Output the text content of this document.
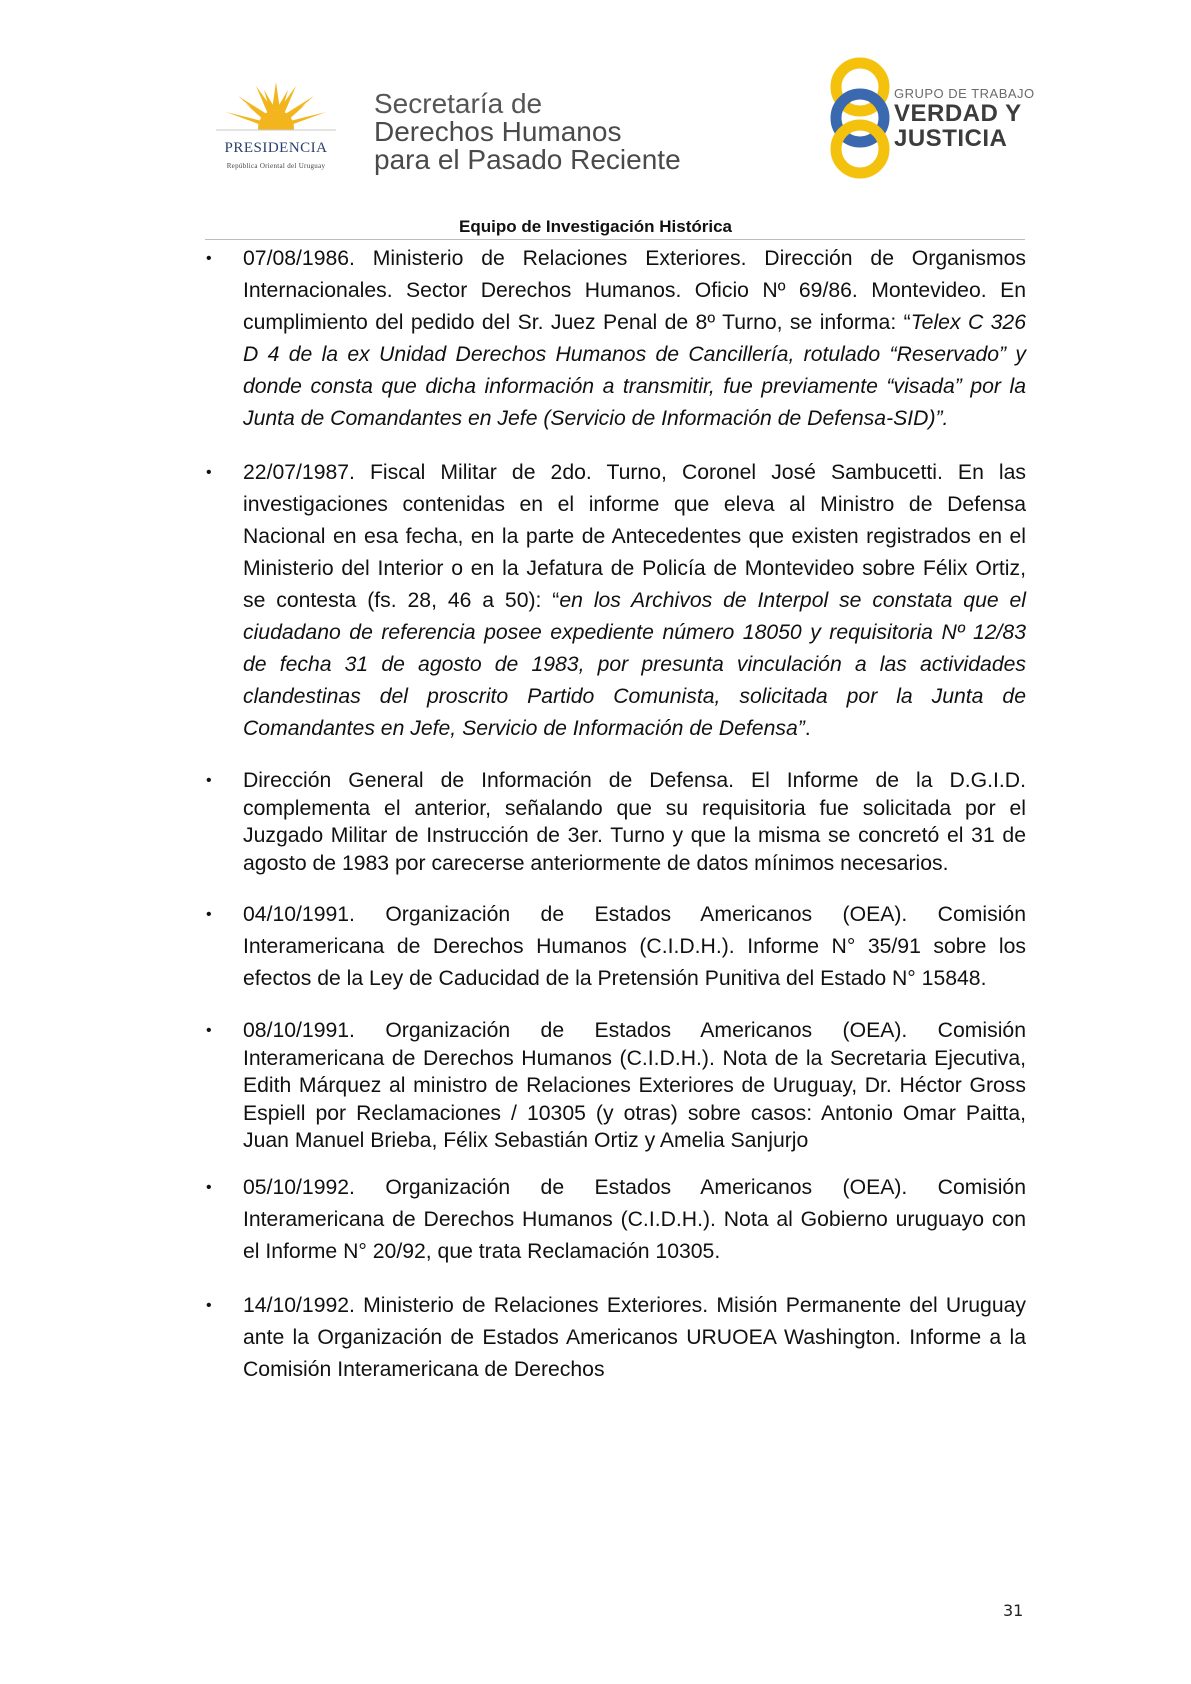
PRESIDENCIA
República Oriental del Uruguay
Secretaría de
Derechos Humanos
para el Pasado Reciente
GRUPO DE TRABAJO
VERDAD Y
JUSTICIA
Equipo de Investigación Histórica
• 07/08/1986. Ministerio de Relaciones Exteriores. Dirección de Organismos Internacionales. Sector Derechos Humanos. Oficio Nº 69/86. Montevideo. En cumplimiento del pedido del Sr. Juez Penal de 8º Turno, se informa: “Telex C 326 D 4 de la ex Unidad Derechos Humanos de Cancillería, rotulado “Reservado” y donde consta que dicha información a transmitir, fue previamente “visada” por la Junta de Comandantes en Jefe (Servicio de Información de Defensa-SID)”.
• 22/07/1987. Fiscal Militar de 2do. Turno, Coronel José Sambucetti. En las investigaciones contenidas en el informe que eleva al Ministro de Defensa Nacional en esa fecha, en la parte de Antecedentes que existen registrados en el Ministerio del Interior o en la Jefatura de Policía de Montevideo sobre Félix Ortiz, se contesta (fs. 28, 46 a 50): “en los Archivos de Interpol se constata que el ciudadano de referencia posee expediente número 18050 y requisitoria Nº 12/83 de fecha 31 de agosto de 1983, por presunta vinculación a las actividades clandestinas del proscrito Partido Comunista, solicitada por la Junta de Comandantes en Jefe, Servicio de Información de Defensa”.
• Dirección General de Información de Defensa. El Informe de la D.G.I.D. complementa el anterior, señalando que su requisitoria fue solicitada por el Juzgado Militar de Instrucción de 3er. Turno y que la misma se concretó el 31 de agosto de 1983 por carecerse anteriormente de datos mínimos necesarios.
• 04/10/1991. Organización de Estados Americanos (OEA). Comisión Interamericana de Derechos Humanos (C.I.D.H.). Informe N° 35/91 sobre los efectos de la Ley de Caducidad de la Pretensión Punitiva del Estado N° 15848.
• 08/10/1991. Organización de Estados Americanos (OEA). Comisión Interamericana de Derechos Humanos (C.I.D.H.). Nota de la Secretaria Ejecutiva, Edith Márquez al ministro de Relaciones Exteriores de Uruguay, Dr. Héctor Gross Espiell por Reclamaciones / 10305 (y otras) sobre casos: Antonio Omar Paitta, Juan Manuel Brieba, Félix Sebastián Ortiz y Amelia Sanjurjo
• 05/10/1992. Organización de Estados Americanos (OEA). Comisión Interamericana de Derechos Humanos (C.I.D.H.). Nota al Gobierno uruguayo con el Informe N° 20/92, que trata Reclamación 10305.
• 14/10/1992. Ministerio de Relaciones Exteriores. Misión Permanente del Uruguay ante la Organización de Estados Americanos URUOEA Washington. Informe a la Comisión Interamericana de Derechos
31
